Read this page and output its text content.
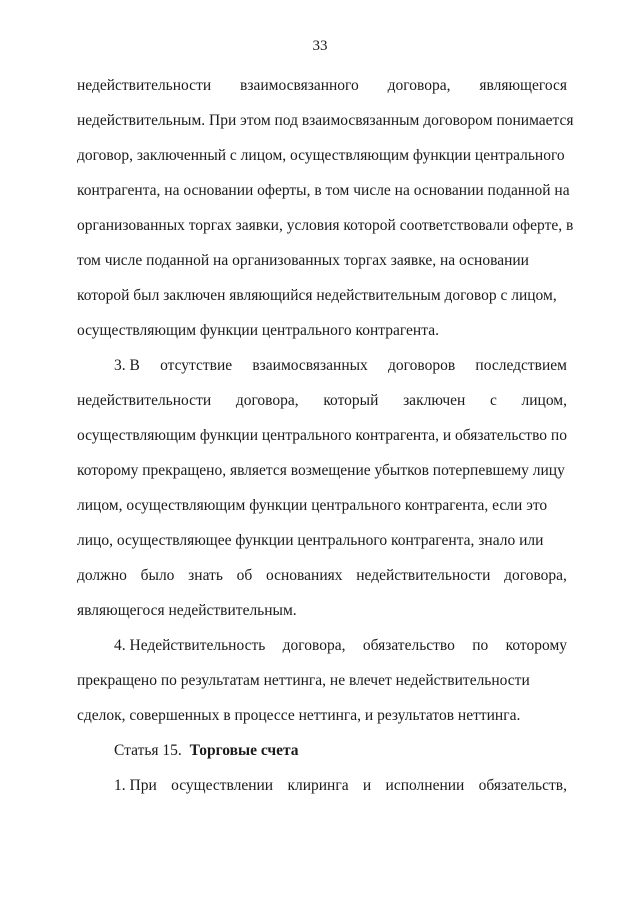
33
недействительности взаимосвязанного договора, являющегося
недействительным. При этом под взаимосвязанным договором понимается
договор, заключенный с лицом, осуществляющим функции центрального
контрагента, на основании оферты, в том числе на основании поданной на
организованных торгах заявки, условия которой соответствовали оферте, в
том числе поданной на организованных торгах заявке, на основании
которой был заключен являющийся недействительным договор с лицом,
осуществляющим функции центрального контрагента.
3. В отсутствие взаимосвязанных договоров последствием
недействительности договора, который заключен с лицом,
осуществляющим функции центрального контрагента, и обязательство по
которому прекращено, является возмещение убытков потерпевшему лицу
лицом, осуществляющим функции центрального контрагента, если это
лицо, осуществляющее функции центрального контрагента, знало или
должно было знать об основаниях недействительности договора,
являющегося недействительным.
4. Недействительность договора, обязательство по которому
прекращено по результатам неттинга, не влечет недействительности
сделок, совершенных в процессе неттинга, и результатов неттинга.
Статья 15. Торговые счета
1. При осуществлении клиринга и исполнении обязательств,
